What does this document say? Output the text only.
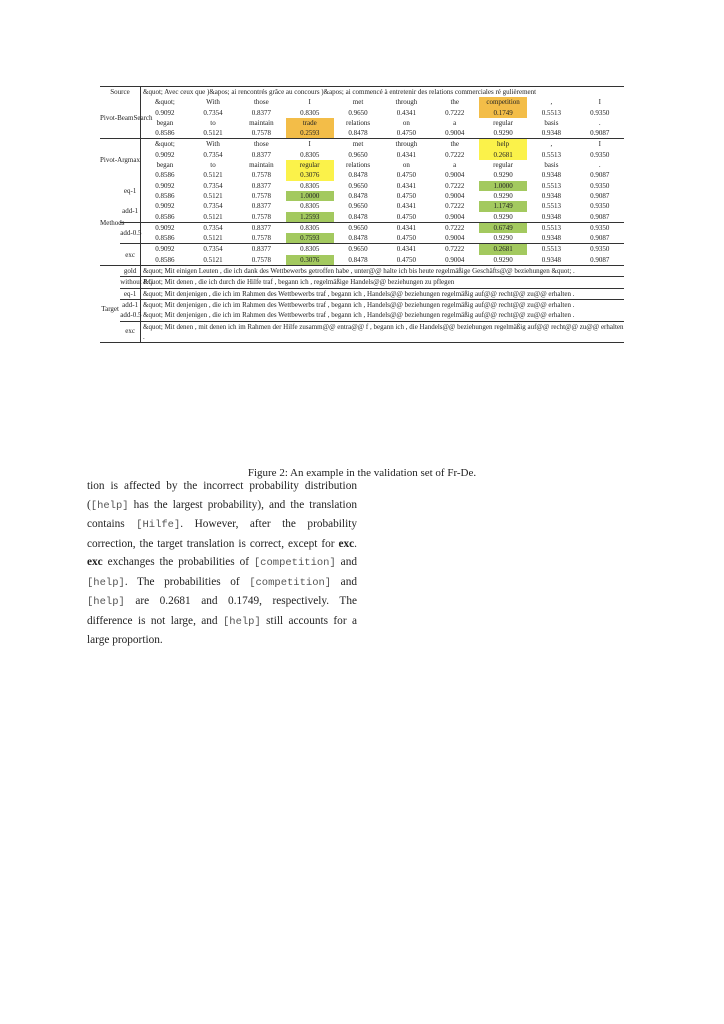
Source		&quot; Avec ceux que )&apos; ai rencontrés grâce au concours )&apos; ai commencé à entretenir des relations commerciales ré gulièrement									
Pivot-BeamSearch		&quot;	With	those	I	met	through	the	competition	,	I
		0.9092	0.7354	0.8377	0.8305	0.9650	0.4341	0.7222	0.1749	0.5513	0.9350
		began	to	maintain	trade	relations	on	a	regular	basis	.
		0.8586	0.5121	0.7578	0.2593	0.8478	0.4750	0.9004	0.9290	0.9348	0.9087
Pivot-Argmax		&quot;	With	those	I	met	through	the	help	,	I
		0.9092	0.7354	0.8377	0.8305	0.9650	0.4341	0.7222	0.2681	0.5513	0.9350
		began	to	maintain	regular	relations	on	a	regular	basis	.
		0.8586	0.5121	0.7578	0.3076	0.8478	0.4750	0.9004	0.9290	0.9348	0.9087
Methods	eq-1	0.9092	0.7354	0.8377	0.8305	0.9650	0.4341	0.7222	1.0000	0.5513	0.9350
		0.8586	0.5121	0.7578	1.0000	0.8478	0.4750	0.9004	0.9290	0.9348	0.9087
	add-1	0.9092	0.7354	0.8377	0.8305	0.9650	0.4341	0.7222	1.1749	0.5513	0.9350
		0.8586	0.5121	0.7578	1.2593	0.8478	0.4750	0.9004	0.9290	0.9348	0.9087
	add-0.5	0.9092	0.7354	0.8377	0.8305	0.9650	0.4341	0.7222	0.6749	0.5513	0.9350
		0.8586	0.5121	0.7578	0.7593	0.8478	0.4750	0.9004	0.9290	0.9348	0.9087
	exc	0.9092	0.7354	0.8377	0.8305	0.9650	0.4341	0.7222	0.2681	0.5513	0.9350
		0.8586	0.5121	0.7578	0.3076	0.8478	0.4750	0.9004	0.9290	0.9348	0.9087
	gold	&quot; Mit einigen Leuten , die ich dank des Wettbewerbs getroffen habe , unter@@ halte ich bis heute regelmäßige Geschäfts@@ beziehungen &quot; .									
Target	without P.C	&quot; Mit denen , die ich durch die Hilfe traf , begann ich , regelmäßige Handels@@ beziehungen zu pflegen									
	eq-1	&quot; Mit denjenigen , die ich im Rahmen des Wettbewerbs traf , begann ich , Handels@@ beziehungen regelmäßig auf@@ recht@@ zu@@ erhalten .									
	add-1	&quot; Mit denjenigen , die ich im Rahmen des Wettbewerbs traf , begann ich , Handels@@ beziehungen regelmäßig auf@@ recht@@ zu@@ erhalten .									
	add-0.5	&quot; Mit denjenigen , die ich im Rahmen des Wettbewerbs traf , begann ich , Handels@@ beziehungen regelmäßig auf@@ recht@@ zu@@ erhalten .									
	exc	&quot; Mit denen , mit denen ich im Rahmen der Hilfe zusamm@@ entra@@ f , begann ich , die Handels@@ beziehungen regelmäßig auf@@ recht@@ zu@@ erhalten .									
Figure 2: An example in the validation set of Fr-De.
tion is affected by the incorrect probability distribution ([help] has the largest probability), and the translation contains [Hilfe]. However, after the probability correction, the target translation is correct, except for exc. exc exchanges the probabilities of [competition] and [help]. The probabilities of [competition] and [help] are 0.2681 and 0.1749, respectively. The difference is not large, and [help] still accounts for a large proportion.
